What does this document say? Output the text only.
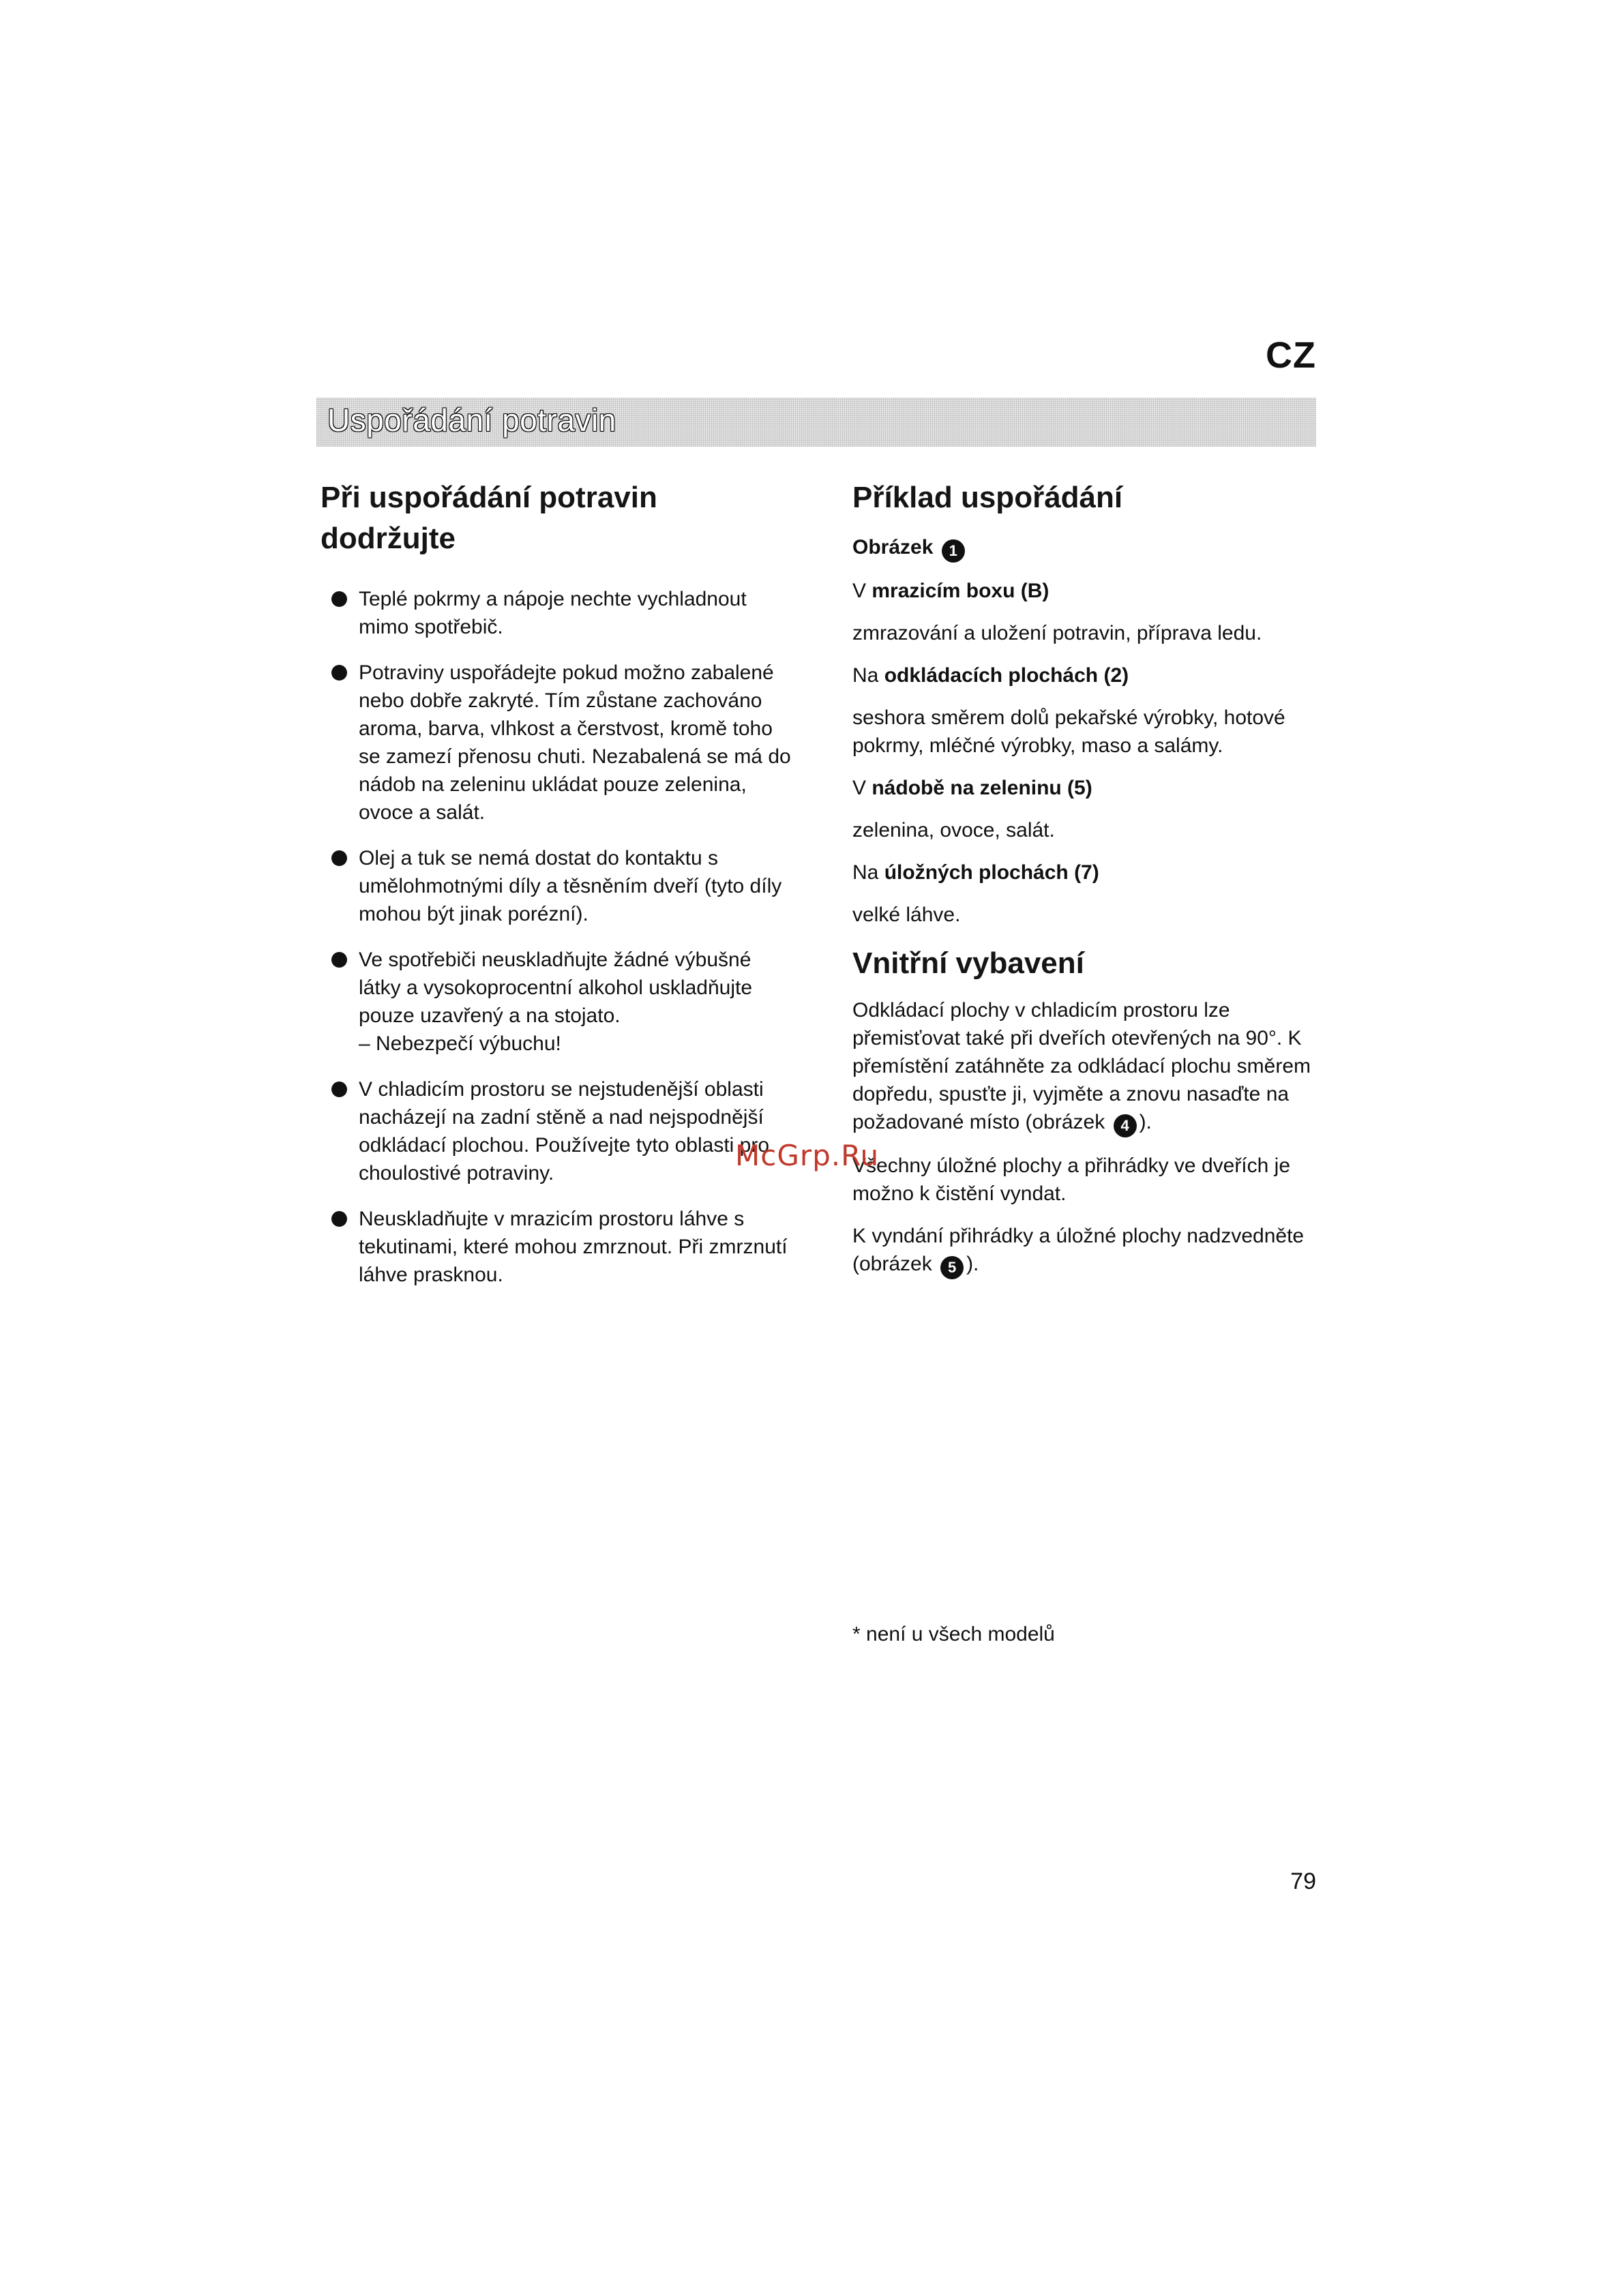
CZ
Uspořádání potravin
Při uspořádání potravin
dodržujte
Teplé pokrmy a nápoje nechte vychladnout mimo spotřebič.
Potraviny uspořádejte pokud možno zabalené nebo dobře zakryté. Tím zůstane zachováno aroma, barva, vlhkost a čerstvost, kromě toho se zamezí přenosu chuti. Nezabalená se má do nádob na zeleninu ukládat pouze zelenina, ovoce a salát.
Olej a tuk se nemá dostat do kontaktu s umělohmotnými díly a těsněním dveří (tyto díly mohou být jinak porézní).
Ve spotřebiči neuskladňujte žádné výbušné látky a vysokoprocentní alkohol uskladňujte pouze uzavřený a na stojato.
– Nebezpečí výbuchu!
V chladicím prostoru se nejstudenější oblasti nacházejí na zadní stěně a nad nejspodnější odkládací plochou. Používejte tyto oblasti pro choulostivé potraviny.
Neuskladňujte v mrazicím prostoru láhve s tekutinami, které mohou zmrznout. Při zmrznutí láhve prasknou.
Příklad uspořádání
Obrázek 1
V mrazicím boxu (B)

zmrazování a uložení potravin, příprava ledu.

Na odkládacích plochách (2)

seshora směrem dolů pekařské výrobky, hotové pokrmy, mléčné výrobky, maso a salámy.

V nádobě na zeleninu (5)

zelenina, ovoce, salát.

Na úložných plochách (7)

velké láhve.

Vnitřní vybavení

Odkládací plochy v chladicím prostoru lze přemisťovat také při dveřích otevřených na 90°. K přemístění zatáhněte za odkládací plochu směrem dopředu, spusťte ji, vyjměte a znovu nasaďte na požadované místo (obrázek 4 ).

Všechny úložné plochy a přihrádky ve dveřích je možno k čistění vyndat.

K vyndání přihrádky a úložné plochy nadzvedněte (obrázek 5 ).

McGrp.Ru
* není u všech modelů
79
